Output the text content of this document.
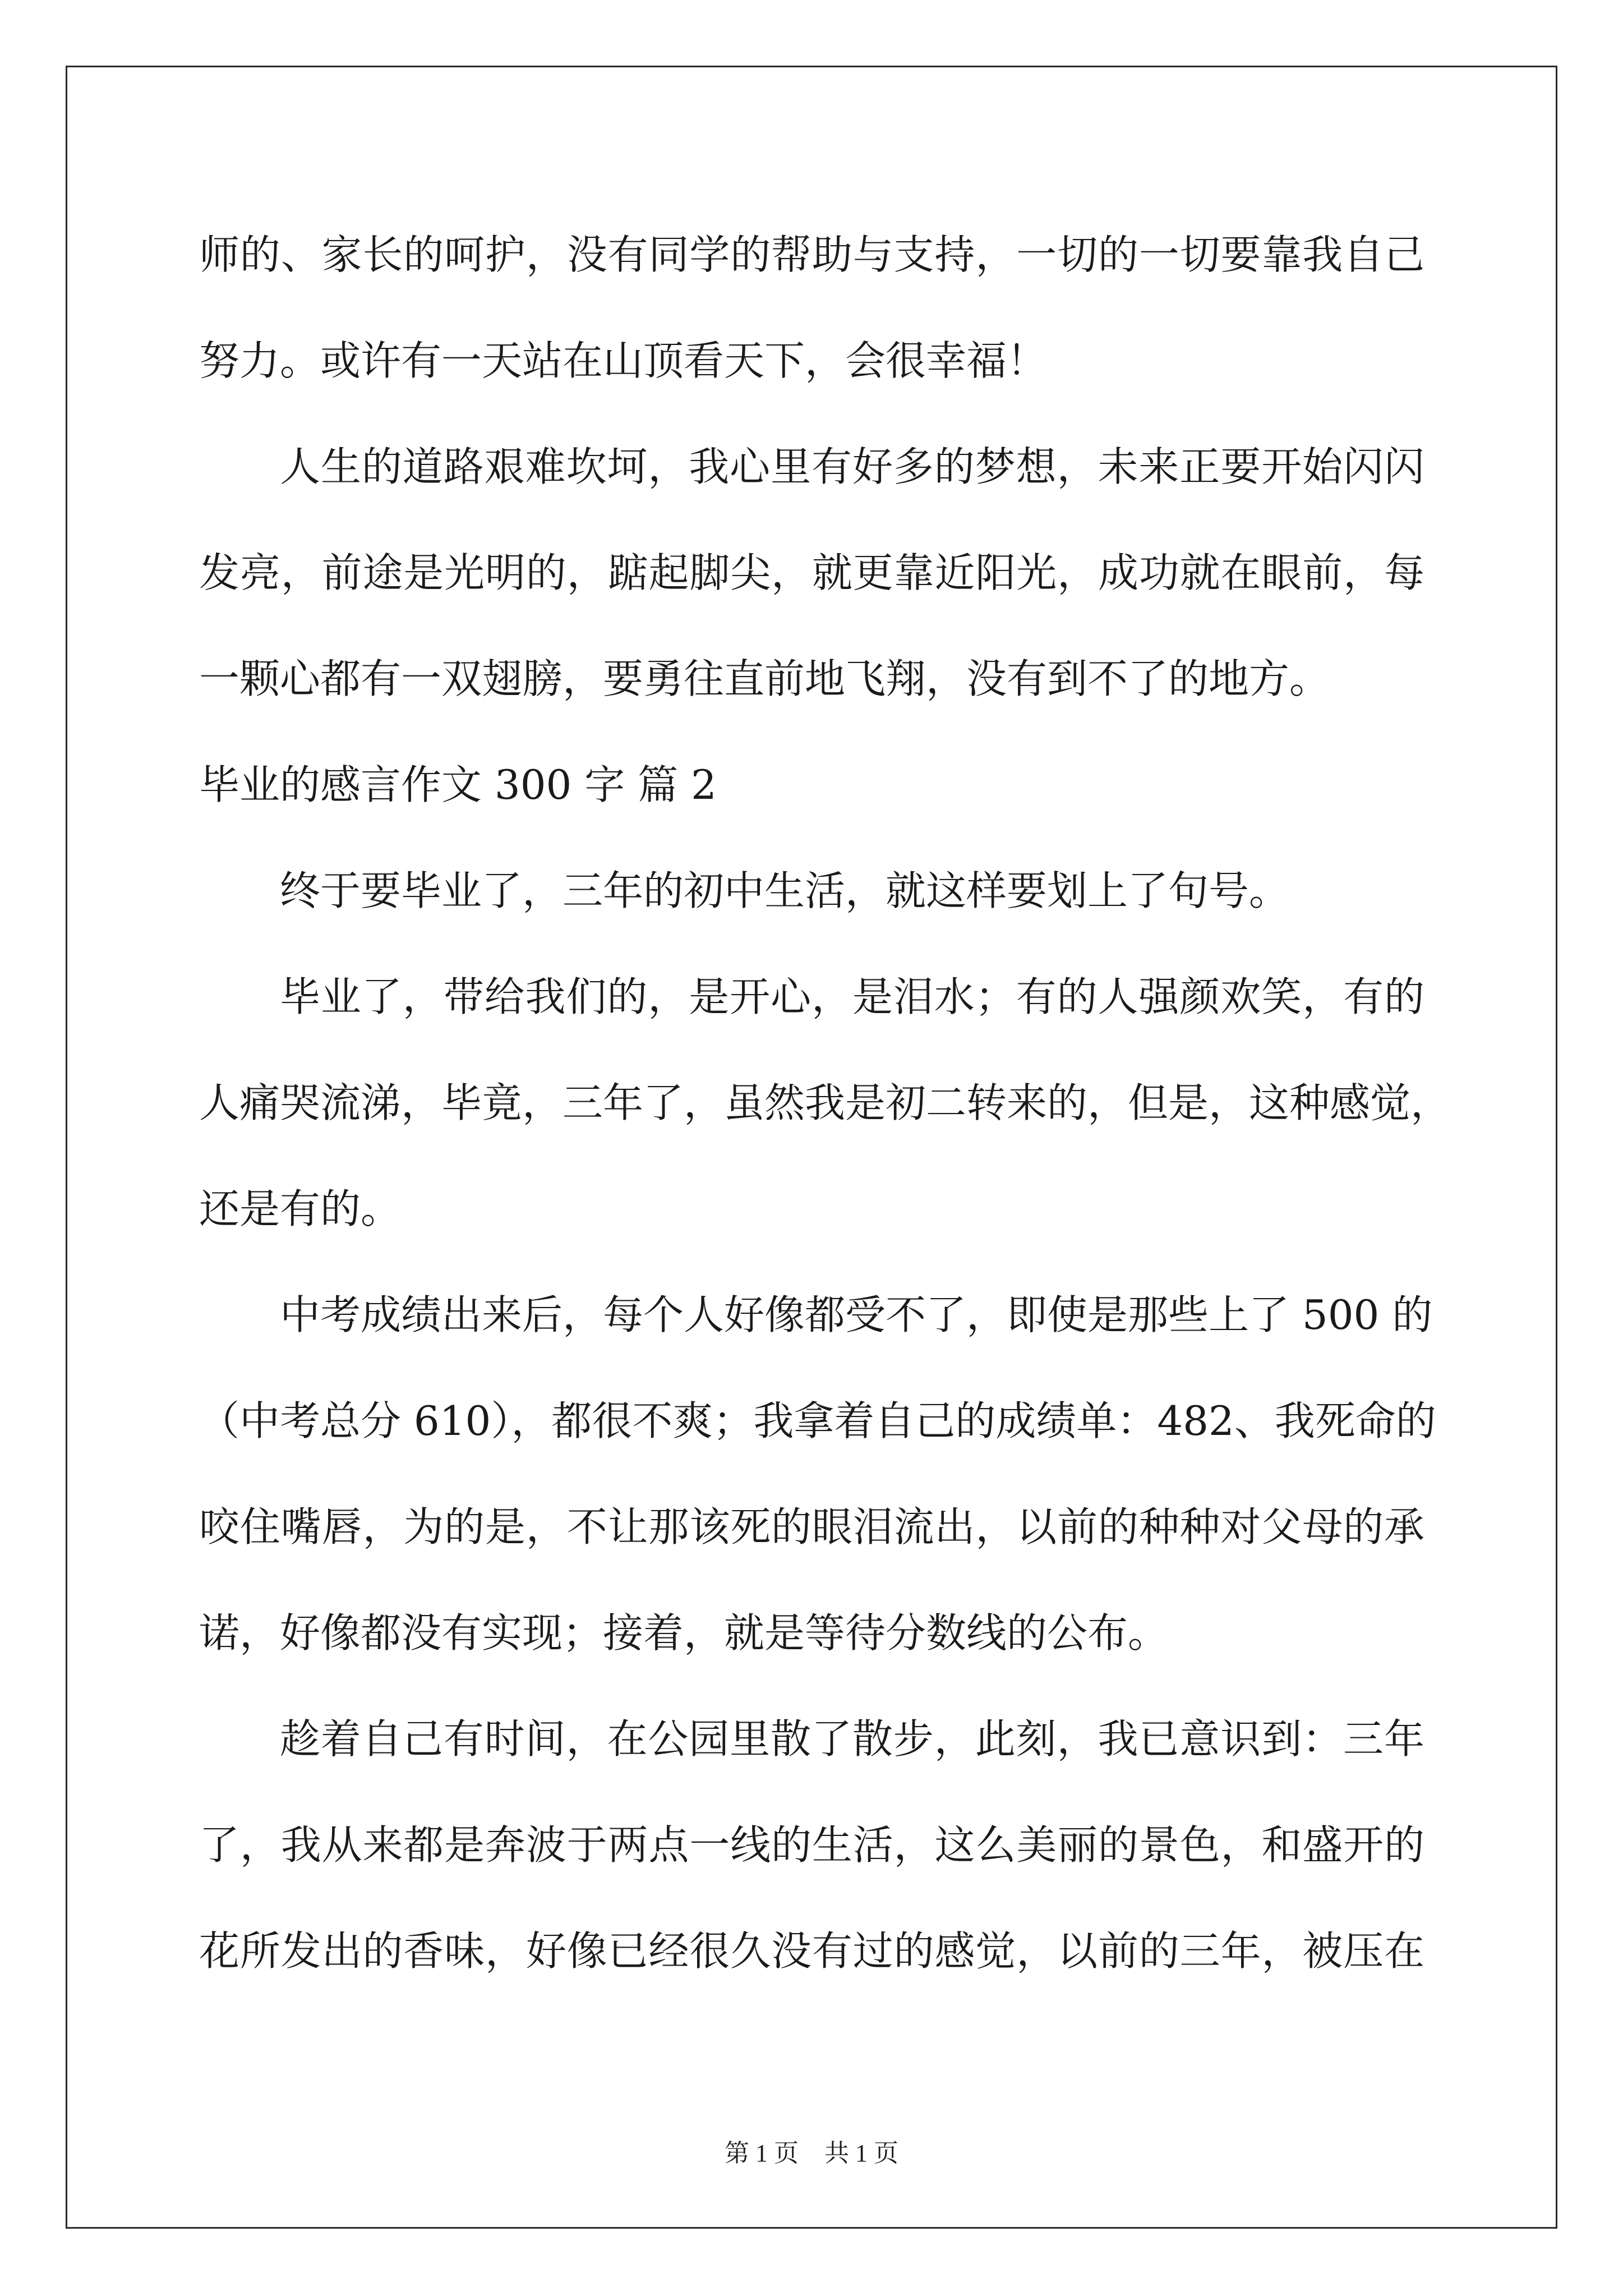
师的、家长的呵护，没有同学的帮助与支持，一切的一切要靠我自己
努力。或许有一天站在山顶看天下，会很幸福！
人生的道路艰难坎坷，我心里有好多的梦想，未来正要开始闪闪
发亮，前途是光明的，踮起脚尖，就更靠近阳光，成功就在眼前，每
一颗心都有一双翅膀，要勇往直前地飞翔，没有到不了的地方。
毕业的感言作文 300 字 篇 2
终于要毕业了，三年的初中生活，就这样要划上了句号。
毕业了，带给我们的，是开心，是泪水；有的人强颜欢笑，有的
人痛哭流涕，毕竟，三年了，虽然我是初二转来的，但是，这种感觉，
还是有的。
中考成绩出来后，每个人好像都受不了，即使是那些上了 500 的
（中考总分 610），都很不爽；我拿着自己的成绩单：482、我死命的
咬住嘴唇，为的是，不让那该死的眼泪流出，以前的种种对父母的承
诺，好像都没有实现；接着，就是等待分数线的公布。
趁着自己有时间，在公园里散了散步，此刻，我已意识到：三年
了，我从来都是奔波于两点一线的生活，这么美丽的景色，和盛开的
花所发出的香味，好像已经很久没有过的感觉，以前的三年，被压在
第 1 页 共 1 页
